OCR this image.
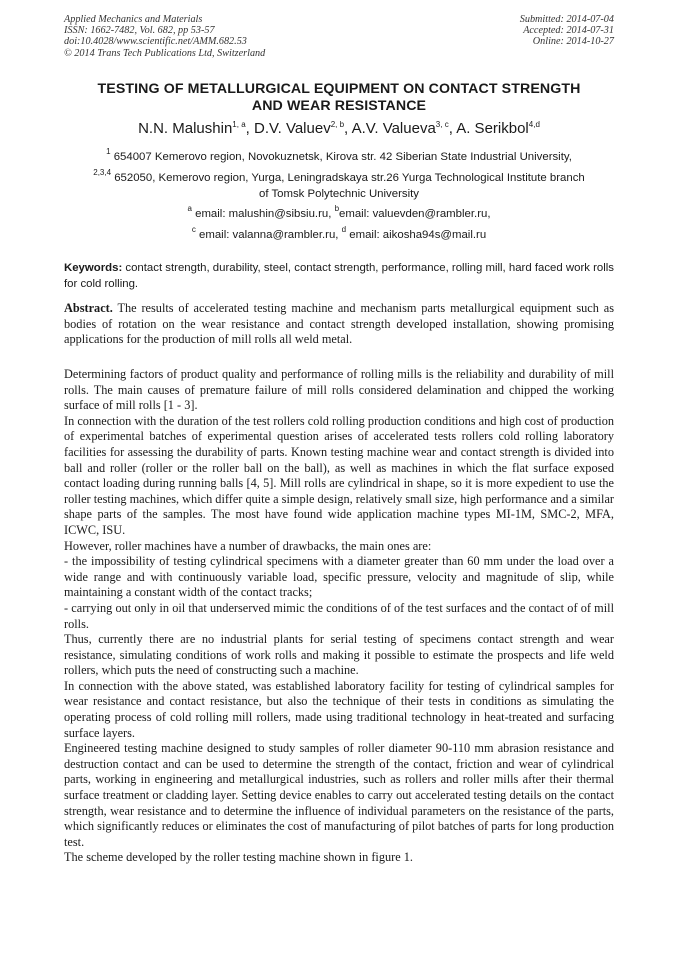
Applied Mechanics and Materials
ISSN: 1662-7482, Vol. 682, pp 53-57
doi:10.4028/www.scientific.net/AMM.682.53
© 2014 Trans Tech Publications Ltd, Switzerland
Submitted: 2014-07-04
Accepted: 2014-07-31
Online: 2014-10-27
TESTING OF METALLURGICAL EQUIPMENT ON CONTACT STRENGTH
AND WEAR RESISTANCE
N.N. Malushin$^{1, a}$, D.V. Valuev$^{2, b}$, A.V. Valueva$^{3, c}$, A. Serikbol$^{4,d}$
$^1$ 654007 Kemerovo region, Novokuznetsk, Kirova str. 42 Siberian State Industrial University,
$^{2,3,4}$ 652050, Kemerovo region, Yurga, Leningradskaya str.26 Yurga Technological Institute branch
of Tomsk Polytechnic University
$^a$ email: malushin@sibsiu.ru, $^b$email: valuevden@rambler.ru,
$^c$ email: valanna@rambler.ru, $^d$ email: aikosha94s@mail.ru
Keywords: contact strength, durability, steel, contact strength, performance, rolling mill, hard faced work rolls for cold rolling.
Abstract. The results of accelerated testing machine and mechanism parts metallurgical equipment such as bodies of rotation on the wear resistance and contact strength developed installation, showing promising applications for the production of mill rolls all weld metal.

Determining factors of product quality and performance of rolling mills is the reliability and durability of mill rolls. The main causes of premature failure of mill rolls considered delamination and chipped the working surface of mill rolls [1 - 3].

In connection with the duration of the test rollers cold rolling production conditions and high cost of production of experimental batches of experimental question arises of accelerated tests rollers cold rolling laboratory facilities for assessing the durability of parts. Known testing machine wear and contact strength is divided into ball and roller (roller or the roller ball on the ball), as well as machines in which the flat surface exposed contact loading during running balls [4, 5]. Mill rolls are cylindrical in shape, so it is more expedient to use the roller testing machines, which differ quite a simple design, relatively small size, high performance and a similar shape parts of the samples. The most have found wide application machine types MI-1M, SMC-2, MFA, ICWC, ISU.

However, roller machines have a number of drawbacks, the main ones are:

- the impossibility of testing cylindrical specimens with a diameter greater than 60 mm under the load over a wide range and with continuously variable load, specific pressure, velocity and magnitude of slip, while maintaining a constant width of the contact tracks;

- carrying out only in oil that underserved mimic the conditions of of the test surfaces and the contact of of mill rolls.

Thus, currently there are no industrial plants for serial testing of specimens contact strength and wear resistance, simulating conditions of work rolls and making it possible to estimate the prospects and life weld rollers, which puts the need of constructing such a machine.

In connection with the above stated, was established laboratory facility for testing of cylindrical samples for wear resistance and contact resistance, but also the technique of their tests in conditions as simulating the operating process of cold rolling mill rollers, made using traditional technology in heat-treated and surfacing surface layers.

Engineered testing machine designed to study samples of roller diameter 90-110 mm abrasion resistance and destruction contact and can be used to determine the strength of the contact, friction and wear of cylindrical parts, working in engineering and metallurgical industries, such as rollers and roller mills after their thermal surface treatment or cladding layer. Setting device enables to carry out accelerated testing details on the contact strength, wear resistance and to determine the influence of individual parameters on the resistance of the parts, which significantly reduces or eliminates the cost of manufacturing of pilot batches of parts for long production test.

The scheme developed by the roller testing machine shown in figure 1.
